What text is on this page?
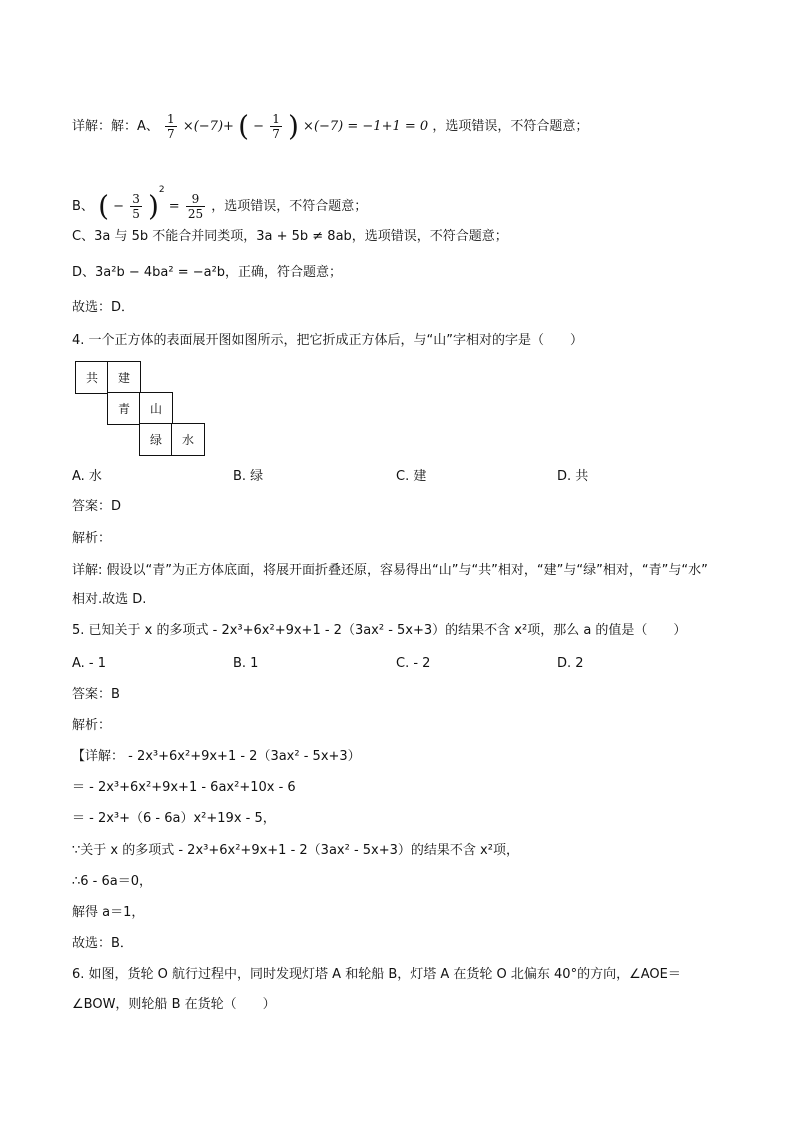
详解：解：A、 $\frac{1}{7} \times(-7)+$ ( − $\frac{1}{7}$ ) ×(−7) = −1+1 = 0 ，选项错误，不符合题意；
B、 ( − $\frac{3}{5} )^2 = \frac{9}{25}$ ，选项错误，不符合题意；
C、3a 与 5b 不能合并同类项，3a + 5b ≠ 8ab，选项错误，不符合题意；
D、3a²b − 4ba² = −a²b，正确，符合题意；
故选：D．
4. 一个正方体的表面展开图如图所示，把它折成正方体后，与“山”字相对的字是（　　）
共	建
青	山
绿	水
A. 水	B. 绿	C. 建	D. 共
答案：D
解析：
详解: 假设以“青”为正方体底面，将展开面折叠还原，容易得出“山”与“共”相对，“建”与“绿”相对，“青”与“水”
相对.故选 D.
5. 已知关于 x 的多项式 - 2x³+6x²+9x+1 - 2（3ax² - 5x+3）的结果不含 x²项，那么 a 的值是（　　）
A. - 1	B. 1	C. - 2	D. 2
答案：B
解析：
【详解： - 2x³+6x²+9x+1 - 2（3ax² - 5x+3）
＝ - 2x³+6x²+9x+1 - 6ax²+10x - 6
＝ - 2x³+（6 - 6a）x²+19x - 5，
∵关于 x 的多项式 - 2x³+6x²+9x+1 - 2（3ax² - 5x+3）的结果不含 x²项，
∴6 - 6a＝0，
解得 a＝1，
故选：B．
6. 如图，货轮 O 航行过程中，同时发现灯塔 A 和轮船 B，灯塔 A 在货轮 O 北偏东 40°的方向，∠AOE＝
∠BOW，则轮船 B 在货轮（　　）
